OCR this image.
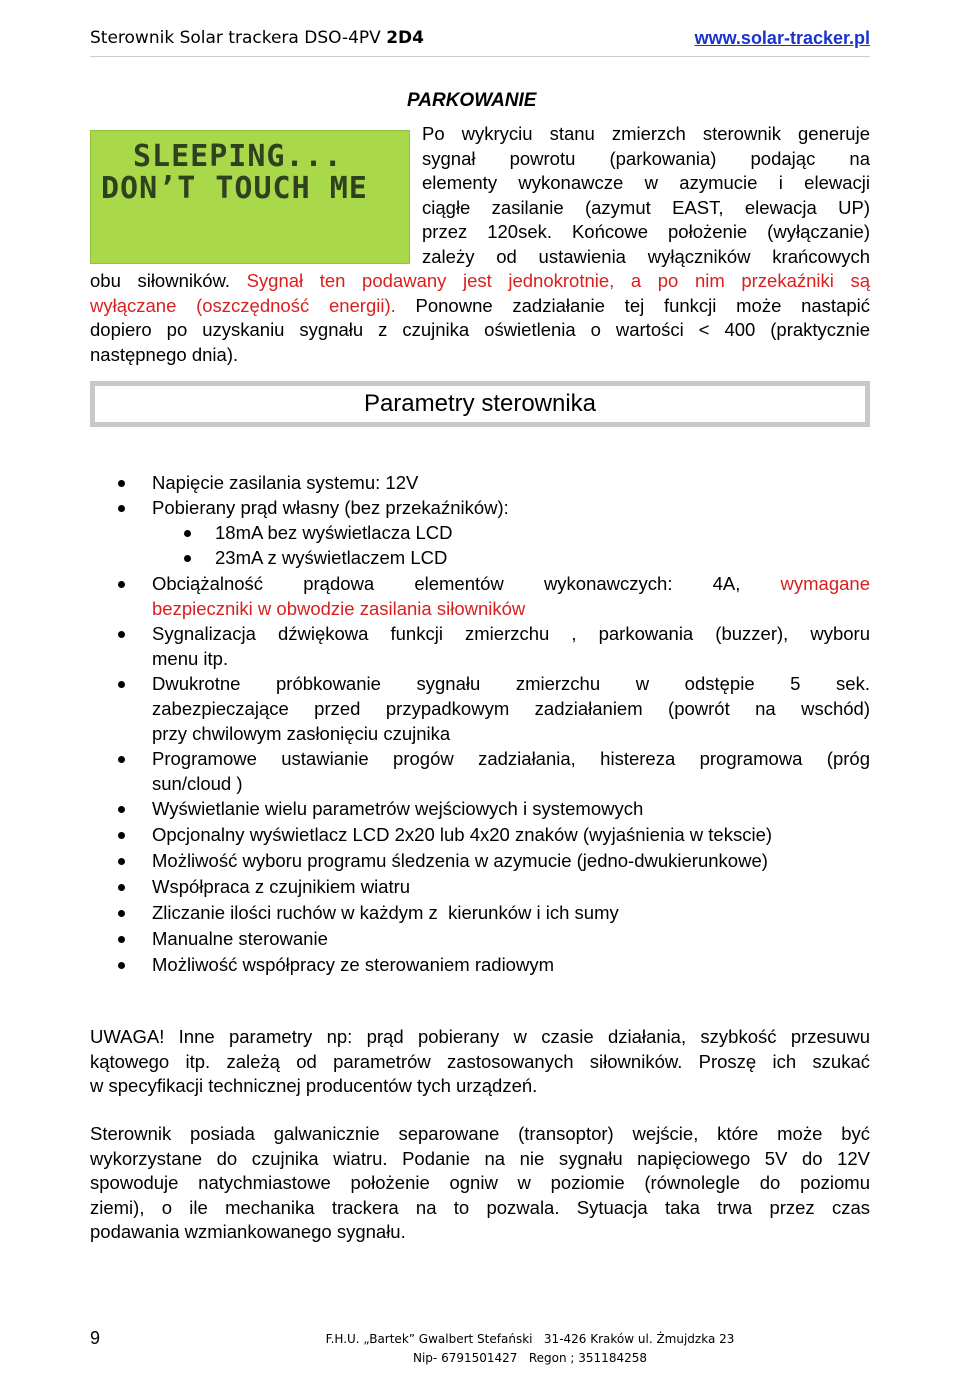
Sterownik Solar trackera DSO-4PV 2D4	www.solar-tracker.pl
PARKOWANIE
SLEEPING...
DON’T TOUCH ME
Po wykryciu stanu zmierzch sterownik generuje
sygnał powrotu (parkowania) podając na
elementy wykonawcze w azymucie i elewacji
ciągłe zasilanie (azymut EAST, elewacja UP)
przez 120sek. Końcowe położenie (wyłączanie)
zależy od ustawienia wyłączników krańcowych
obu siłowników. Sygnał ten podawany jest jednokrotnie, a po nim przekaźniki są
wyłączane (oszczędność energii). Ponowne zadziałanie tej funkcji może nastapić
dopiero po uzyskaniu sygnału z czujnika oświetlenia o wartości < 400 (praktycznie
następnego dnia).
Parametry sterownika
Napięcie zasilania systemu: 12V
Pobierany prąd własny (bez przekaźników):
18mA bez wyświetlacza LCD
23mA z wyświetlaczem LCD
Obciążalność prądowa elementów wykonawczych: 4A, wymagane
bezpieczniki w obwodzie zasilania siłowników
Sygnalizacja dźwiękowa funkcji zmierzchu , parkowania (buzzer), wyboru
menu itp.
Dwukrotne próbkowanie sygnału zmierzchu w odstępie 5 sek.
zabezpieczające przed przypadkowym zadziałaniem (powrót na wschód)
przy chwilowym zasłonięciu czujnika
Programowe ustawianie progów zadziałania, histereza programowa (próg
sun/cloud )
Wyświetlanie wielu parametrów wejściowych i systemowych
Opcjonalny wyświetlacz LCD 2x20 lub 4x20 znaków (wyjaśnienia w tekscie)
Możliwość wyboru programu śledzenia w azymucie (jedno-dwukierunkowe)
Współpraca z czujnikiem wiatru
Zliczanie ilości ruchów w każdym z  kierunków i ich sumy
Manualne sterowanie
Możliwość współpracy ze sterowaniem radiowym
UWAGA! Inne parametry np: prąd pobierany w czasie działania, szybkość przesuwu
kątowego itp. zależą od parametrów zastosowanych siłowników. Proszę ich szukać
w specyfikacji technicznej producentów tych urządzeń.
Sterownik posiada galwanicznie separowane (transoptor) wejście, które może być
wykorzystane do czujnika wiatru. Podanie na nie sygnału napięciowego 5V do 12V
spowoduje natychmiastowe położenie ogniw w poziomie (równolegle do poziomu
ziemi), o ile mechanika trackera na to pozwala. Sytuacja taka trwa przez czas
podawania wzmiankowanego sygnału.
9	F.H.U. „Bartek” Gwalbert Stefański   31-426 Kraków ul. Żmujdzka 23
Nip- 6791501427   Regon ; 351184258
